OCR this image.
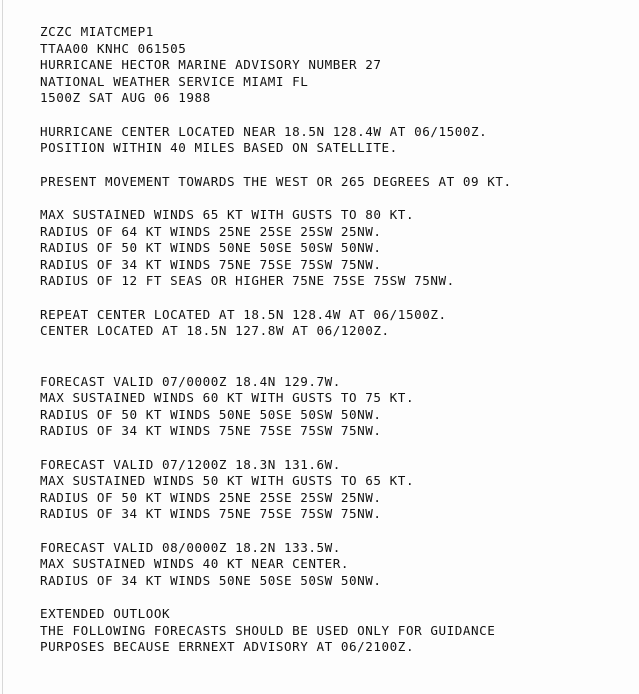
ZCZC MIATCMEP1
TTAA00 KNHC 061505
HURRICANE HECTOR MARINE ADVISORY NUMBER 27
NATIONAL WEATHER SERVICE MIAMI FL
1500Z SAT AUG 06 1988
HURRICANE CENTER LOCATED NEAR 18.5N 128.4W AT 06/1500Z.
POSITION WITHIN 40 MILES BASED ON SATELLITE.
PRESENT MOVEMENT TOWARDS THE WEST OR 265 DEGREES AT 09 KT.
MAX SUSTAINED WINDS 65 KT WITH GUSTS TO 80 KT.
RADIUS OF 64 KT WINDS 25NE 25SE 25SW 25NW.
RADIUS OF 50 KT WINDS 50NE 50SE 50SW 50NW.
RADIUS OF 34 KT WINDS 75NE 75SE 75SW 75NW.
RADIUS OF 12 FT SEAS OR HIGHER 75NE 75SE 75SW 75NW.
REPEAT CENTER LOCATED AT 18.5N 128.4W AT 06/1500Z.
CENTER LOCATED AT 18.5N 127.8W AT 06/1200Z.
FORECAST VALID 07/0000Z 18.4N 129.7W.
MAX SUSTAINED WINDS 60 KT WITH GUSTS TO 75 KT.
RADIUS OF 50 KT WINDS 50NE 50SE 50SW 50NW.
RADIUS OF 34 KT WINDS 75NE 75SE 75SW 75NW.
FORECAST VALID 07/1200Z 18.3N 131.6W.
MAX SUSTAINED WINDS 50 KT WITH GUSTS TO 65 KT.
RADIUS OF 50 KT WINDS 25NE 25SE 25SW 25NW.
RADIUS OF 34 KT WINDS 75NE 75SE 75SW 75NW.
FORECAST VALID 08/0000Z 18.2N 133.5W.
MAX SUSTAINED WINDS 40 KT NEAR CENTER.
RADIUS OF 34 KT WINDS 50NE 50SE 50SW 50NW.
EXTENDED OUTLOOK
THE FOLLOWING FORECASTS SHOULD BE USED ONLY FOR GUIDANCE
PURPOSES BECAUSE ERRNEXT ADVISORY AT 06/2100Z.
